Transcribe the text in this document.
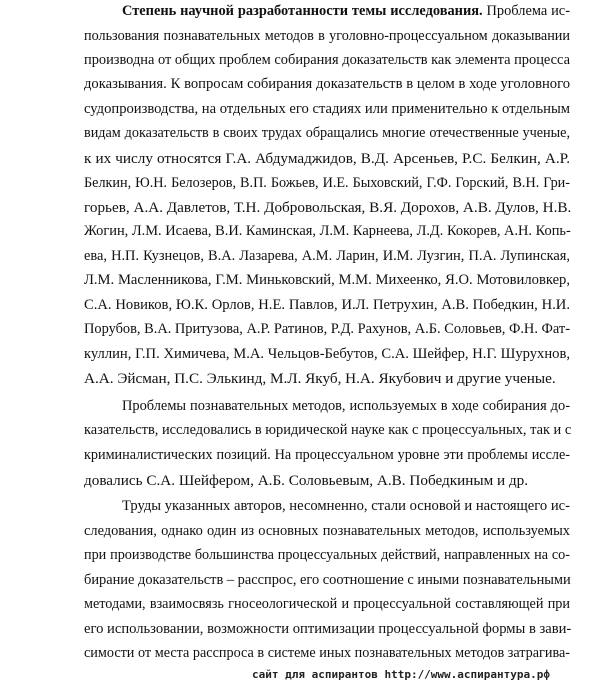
Степень научной разработанности темы исследования. Проблема ис-
пользования познавательных методов в уголовно-процессуальном доказывании
производна от общих проблем собирания доказательств как элемента процесса
доказывания. К вопросам собирания доказательств в целом в ходе уголовного
судопроизводства, на отдельных его стадиях или применительно к отдельным
видам доказательств в своих трудах обращались многие отечественные ученые,
к их числу относятся Г.А. Абдумаджидов, В.Д. Арсеньев, Р.С. Белкин, А.Р.
Белкин, Ю.Н. Белозеров, В.П. Божьев, И.Е. Быховский, Г.Ф. Горский, В.Н. Гри-
горьев, А.А. Давлетов, Т.Н. Добровольская, В.Я. Дорохов, А.В. Дулов, Н.В.
Жогин, Л.М. Исаева, В.И. Каминская, Л.М. Карнеева, Л.Д. Кокорев, А.Н. Копь-
ева, Н.П. Кузнецов, В.А. Лазарева, А.М. Ларин, И.М. Лузгин, П.А. Лупинская,
Л.М. Масленникова, Г.М. Миньковский, М.М. Михеенко, Я.О. Мотовиловкер,
С.А. Новиков, Ю.К. Орлов, Н.Е. Павлов, И.Л. Петрухин, А.В. Победкин, Н.И.
Порубов, В.А. Притузова, А.Р. Ратинов, Р.Д. Рахунов, А.Б. Соловьев, Ф.Н. Фат-
куллин, Г.П. Химичева, М.А. Чельцов-Бебутов, С.А. Шейфер, Н.Г. Шурухнов,
А.А. Эйсман, П.С. Элькинд, М.Л. Якуб, Н.А. Якубович и другие ученые.
Проблемы познавательных методов, используемых в ходе собирания до-
казательств, исследовались в юридической науке как с процессуальных, так и с
криминалистических позиций. На процессуальном уровне эти проблемы иссле-
довались С.А. Шейфером, А.Б. Соловьевым, А.В. Победкиным и др.
Труды указанных авторов, несомненно, стали основой и настоящего ис-
следования, однако один из основных познавательных методов, используемых
при производстве большинства процессуальных действий, направленных на со-
бирание доказательств – расспрос, его соотношение с иными познавательными
методами, взаимосвязь гносеологической и процессуальной составляющей при
его использовании, возможности оптимизации процессуальной формы в зави-
симости от места расспроса в системе иных познавательных методов затрагива-
сайт для аспирантов http://www.аспирантура.рф
